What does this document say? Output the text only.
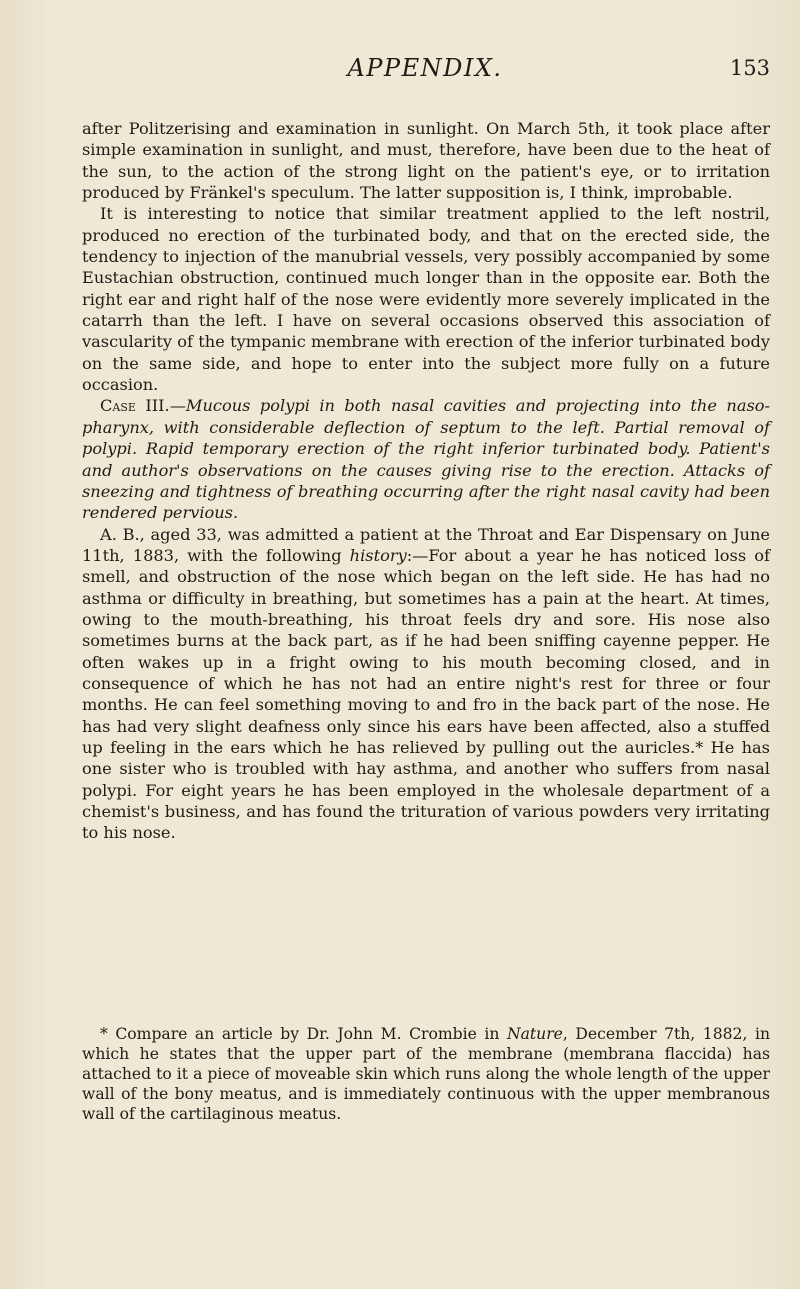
APPENDIX.	153

after Politzerising and examination in sunlight. On March 5th, it took place after simple examination in sunlight, and must, therefore, have been due to the heat of the sun, to the action of the strong light on the patient's eye, or to irritation produced by Fränkel's speculum. The latter supposition is, I think, improbable.

It is interesting to notice that similar treatment applied to the left nostril, produced no erection of the turbinated body, and that on the erected side, the tendency to injection of the manubrial vessels, very possibly accompanied by some Eustachian obstruction, continued much longer than in the opposite ear. Both the right ear and right half of the nose were evidently more severely implicated in the catarrh than the left. I have on several occasions observed this association of vascularity of the tympanic membrane with erection of the inferior turbinated body on the same side, and hope to enter into the subject more fully on a future occasion.

Case III.—Mucous polypi in both nasal cavities and projecting into the naso-pharynx, with considerable deflection of septum to the left. Partial removal of polypi. Rapid temporary erection of the right inferior turbinated body. Patient's and author's observations on the causes giving rise to the erection. Attacks of sneezing and tightness of breathing occurring after the right nasal cavity had been rendered pervious.

A. B., aged 33, was admitted a patient at the Throat and Ear Dispensary on June 11th, 1883, with the following history:—For about a year he has noticed loss of smell, and obstruction of the nose which began on the left side. He has had no asthma or difficulty in breathing, but sometimes has a pain at the heart. At times, owing to the mouth-breathing, his throat feels dry and sore. His nose also sometimes burns at the back part, as if he had been sniffing cayenne pepper. He often wakes up in a fright owing to his mouth becoming closed, and in consequence of which he has not had an entire night's rest for three or four months. He can feel something moving to and fro in the back part of the nose. He has had very slight deafness only since his ears have been affected, also a stuffed up feeling in the ears which he has relieved by pulling out the auricles.* He has one sister who is troubled with hay asthma, and another who suffers from nasal polypi. For eight years he has been employed in the wholesale department of a chemist's business, and has found the trituration of various powders very irritating to his nose.

* Compare an article by Dr. John M. Crombie in Nature, December 7th, 1882, in which he states that the upper part of the membrane (membrana flaccida) has attached to it a piece of moveable skin which runs along the whole length of the upper wall of the bony meatus, and is immediately continuous with the upper membranous wall of the cartilaginous meatus.
